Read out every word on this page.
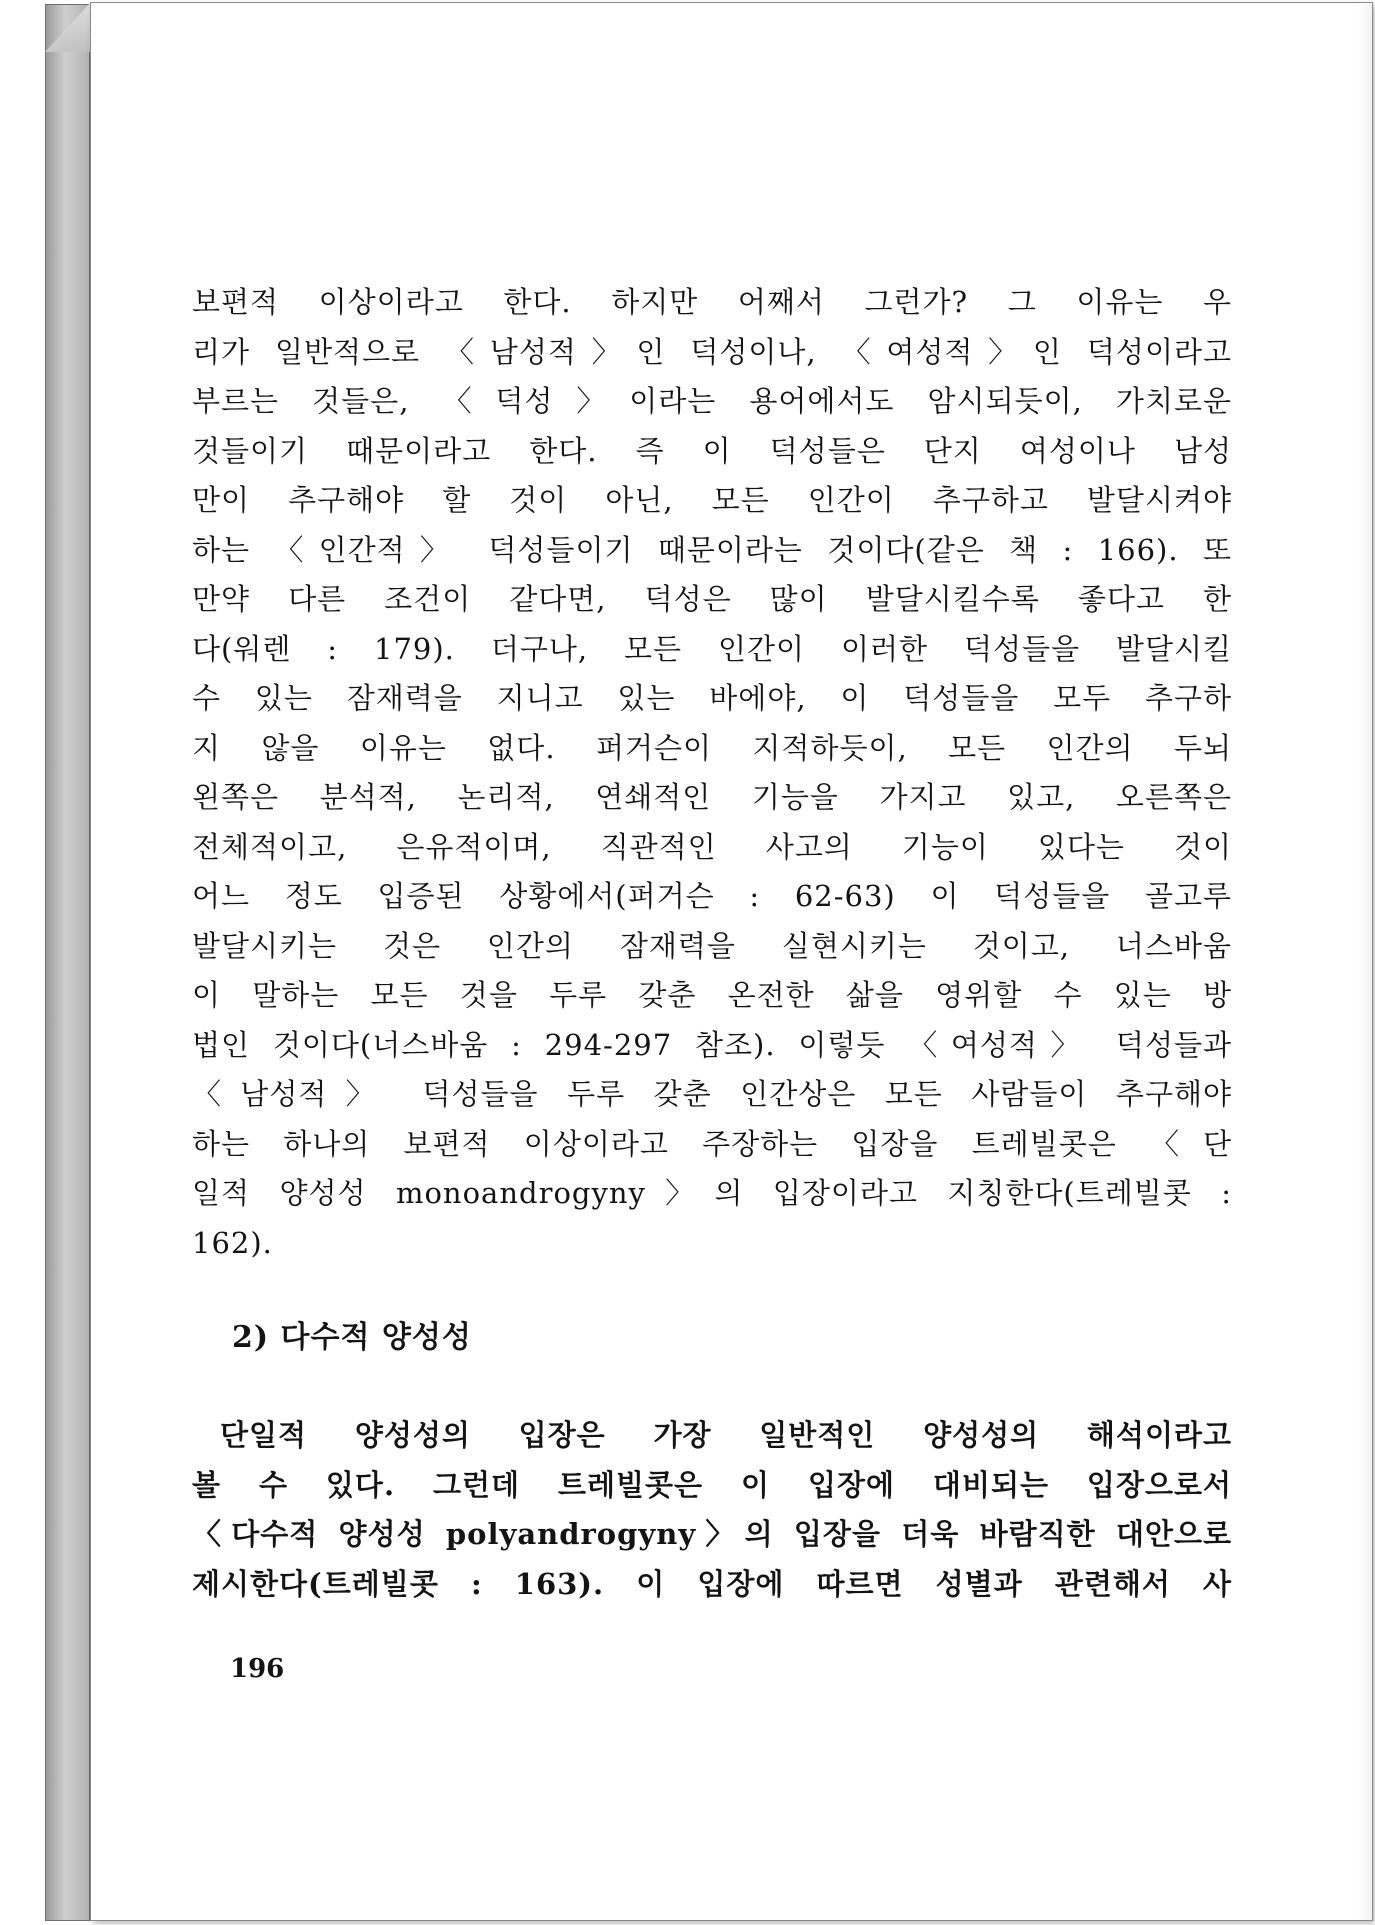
보편적 이상이라고 한다. 하지만 어째서 그런가? 그 이유는 우
리가 일반적으로 〈남성적〉인 덕성이나, 〈여성적〉인 덕성이라고
부르는 것들은, 〈덕성〉이라는 용어에서도 암시되듯이, 가치로운
것들이기 때문이라고 한다. 즉 이 덕성들은 단지 여성이나 남성
만이 추구해야 할 것이 아닌, 모든 인간이 추구하고 발달시켜야
하는 〈인간적〉 덕성들이기 때문이라는 것이다(같은 책 : 166). 또
만약 다른 조건이 같다면, 덕성은 많이 발달시킬수록 좋다고 한
다(워렌 : 179). 더구나, 모든 인간이 이러한 덕성들을 발달시킬
수 있는 잠재력을 지니고 있는 바에야, 이 덕성들을 모두 추구하
지 않을 이유는 없다. 퍼거슨이 지적하듯이, 모든 인간의 두뇌
왼쪽은 분석적, 논리적, 연쇄적인 기능을 가지고 있고, 오른쪽은
전체적이고, 은유적이며, 직관적인 사고의 기능이 있다는 것이
어느 정도 입증된 상황에서(퍼거슨 : 62-63) 이 덕성들을 골고루
발달시키는 것은 인간의 잠재력을 실현시키는 것이고, 너스바움
이 말하는 모든 것을 두루 갖춘 온전한 삶을 영위할 수 있는 방
법인 것이다(너스바움 : 294-297 참조). 이렇듯 〈여성적〉 덕성들과
〈남성적〉 덕성들을 두루 갖춘 인간상은 모든 사람들이 추구해야
하는 하나의 보편적 이상이라고 주장하는 입장을 트레빌콧은 〈단
일적 양성성 monoandrogyny〉의 입장이라고 지칭한다(트레빌콧 :
162).
2) 다수적 양성성
단일적 양성성의 입장은 가장 일반적인 양성성의 해석이라고
볼 수 있다. 그런데 트레빌콧은 이 입장에 대비되는 입장으로서
〈다수적 양성성 polyandrogyny〉의 입장을 더욱 바람직한 대안으로
제시한다(트레빌콧 : 163). 이 입장에 따르면 성별과 관련해서 사
196
